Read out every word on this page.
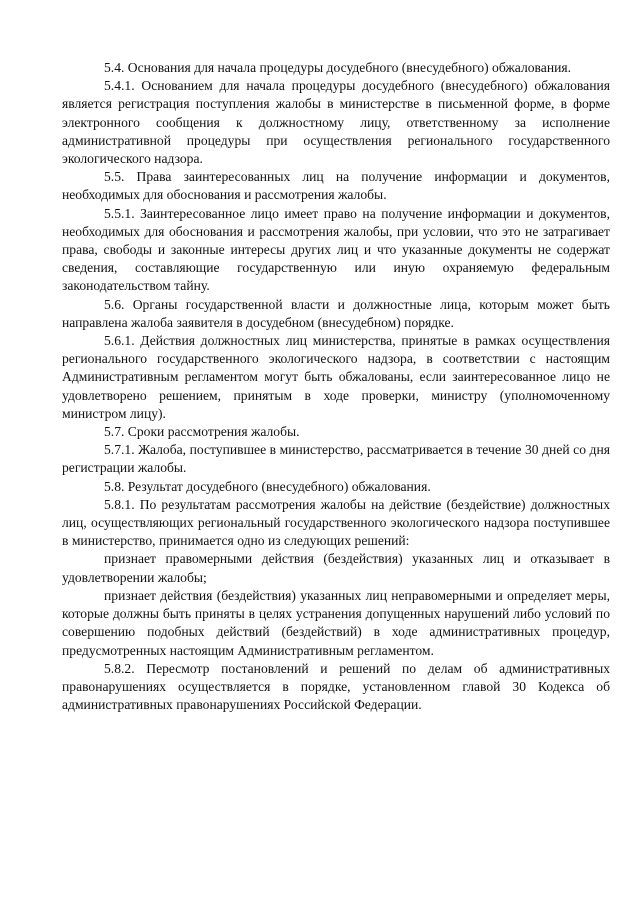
5.4. Основания для начала процедуры досудебного (внесудебного) обжалования.

5.4.1. Основанием для начала процедуры досудебного (внесудебного) обжалования является регистрация поступления жалобы в министерстве в письменной форме, в форме электронного сообщения к должностному лицу, ответственному за исполнение административной процедуры при осуществления регионального государственного экологического надзора.

5.5. Права заинтересованных лиц на получение информации и документов, необходимых для обоснования и рассмотрения жалобы.

5.5.1. Заинтересованное лицо имеет право на получение информации и документов, необходимых для обоснования и рассмотрения жалобы, при условии, что это не затрагивает права, свободы и законные интересы других лиц и что указанные документы не содержат сведения, составляющие государственную или иную охраняемую федеральным законодательством тайну.

5.6. Органы государственной власти и должностные лица, которым может быть направлена жалоба заявителя в досудебном (внесудебном) порядке.

5.6.1. Действия должностных лиц министерства, принятые в рамках осуществления регионального государственного экологического надзора, в соответствии с настоящим Административным регламентом могут быть обжалованы, если заинтересованное лицо не удовлетворено решением, принятым в ходе проверки, министру (уполномоченному министром лицу).

5.7. Сроки рассмотрения жалобы.

5.7.1. Жалоба, поступившее в министерство, рассматривается в течение 30 дней со дня регистрации жалобы.

5.8. Результат досудебного (внесудебного) обжалования.

5.8.1. По результатам рассмотрения жалобы на действие (бездействие) должностных лиц, осуществляющих региональный государственного экологического надзора поступившее в министерство, принимается одно из следующих решений:

признает правомерными действия (бездействия) указанных лиц и отказывает в удовлетворении жалобы;

признает действия (бездействия) указанных лиц неправомерными и определяет меры, которые должны быть приняты в целях устранения допущенных нарушений либо условий по совершению подобных действий (бездействий) в ходе административных процедур, предусмотренных настоящим Административным регламентом.

5.8.2. Пересмотр постановлений и решений по делам об административных правонарушениях осуществляется в порядке, установленном главой 30 Кодекса об административных правонарушениях Российской Федерации.
